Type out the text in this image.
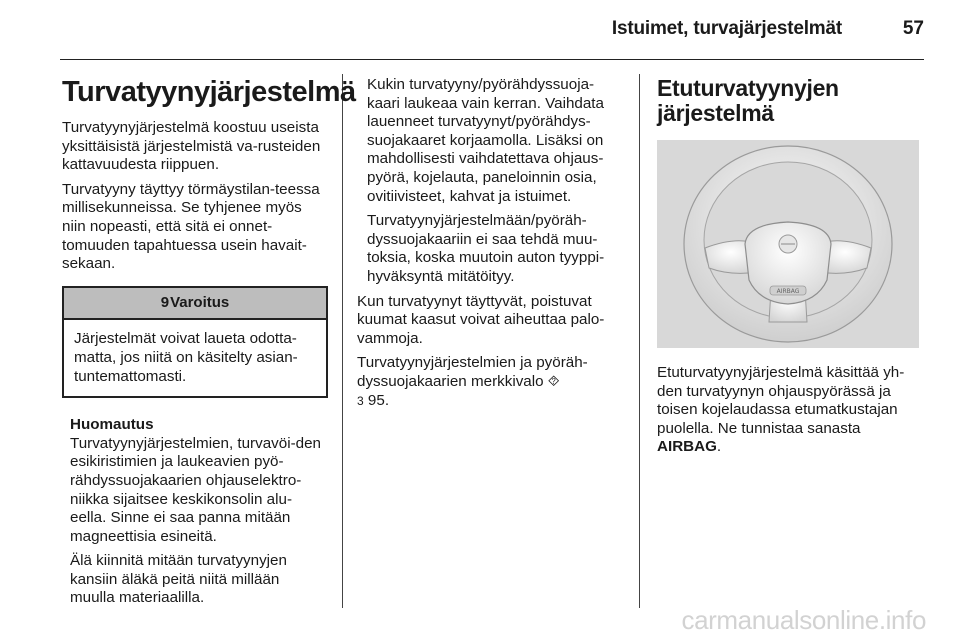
Istuimet, turvajärjestelmät	57
Turvatyynyjärjestelmä

Turvatyynyjärjestelmä koostuu useista yksittäisistä järjestelmistä va-rusteiden kattavuudesta riippuen.

Turvatyyny täyttyy törmäystilan-teessa millisekunneissa. Se tyhjenee myös niin nopeasti, että sitä ei onnet-tomuuden tapahtuessa usein havait-sekaan.

9Varoitus
Järjestelmät voivat laueta odotta-matta, jos niitä on käsitelty asian-tuntemattomasti.
Huomautus

Turvatyynyjärjestelmien, turvavöi-den esikiristimien ja laukeavien pyö-rähdyssuojakaarien ohjauselektro-niikka sijaitsee keskikonsolin alu-eella. Sinne ei saa panna mitään magneettisia esineitä.

Älä kiinnitä mitään turvatyynyjen kansiin äläkä peitä niitä millään muulla materiaalilla.

Kukin turvatyyny/pyörähdyssuoja-kaari laukeaa vain kerran. Vaihdata lauenneet turvatyynyt/pyörähdys-suojakaaret korjaamolla. Lisäksi on mahdollisesti vaihdatettava ohjaus-pyörä, kojelauta, paneloinnin osia, ovitiivisteet, kahvat ja istuimet.

Turvatyynyjärjestelmään/pyöräh-dyssuojakaariin ei saa tehdä muu-toksia, koska muutoin auton tyyppi-hyväksyntä mitätöityy.

Kun turvatyynyt täyttyvät, poistuvat kuumat kaasut voivat aiheuttaa palo-vammoja.

Turvatyynyjärjestelmien ja pyöräh-dyssuojakaarien merkkivalo ⯑
3 95.

Etuturvatyynyjen järjestelmä
AIRBAG

Etuturvatyynyjärjestelmä käsittää yh-den turvatyynyn ohjauspyörässä ja toisen kojelaudassa etumatkustajan puolella. Ne tunnistaa sanasta AIRBAG.

carmanualsonline.info
